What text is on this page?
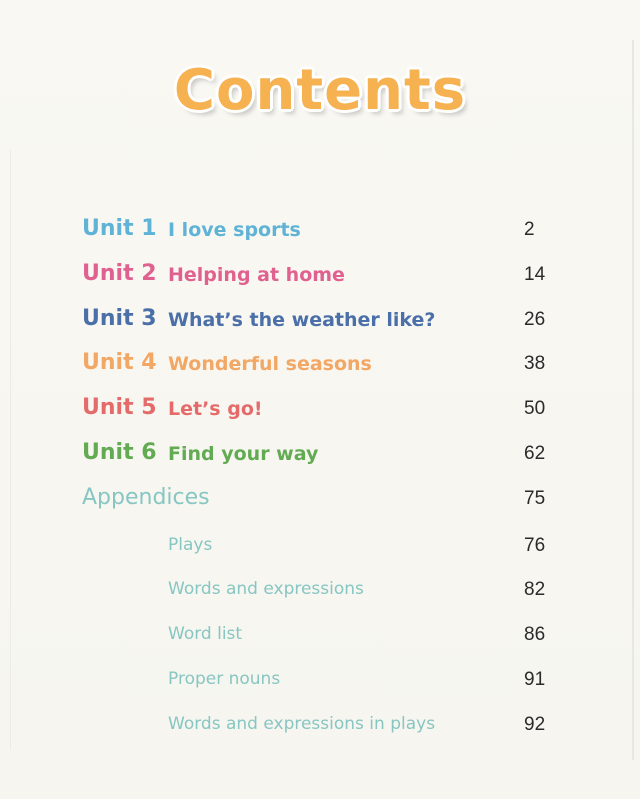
Contents
Unit 1 I love sports	2
Unit 2 Helping at home	14
Unit 3 What’s the weather like?	26
Unit 4 Wonderful seasons	38
Unit 5 Let’s go!	50
Unit 6 Find your way	62
Appendices	75
Plays	76
Words and expressions	82
Word list	86
Proper nouns	91
Words and expressions in plays	92
